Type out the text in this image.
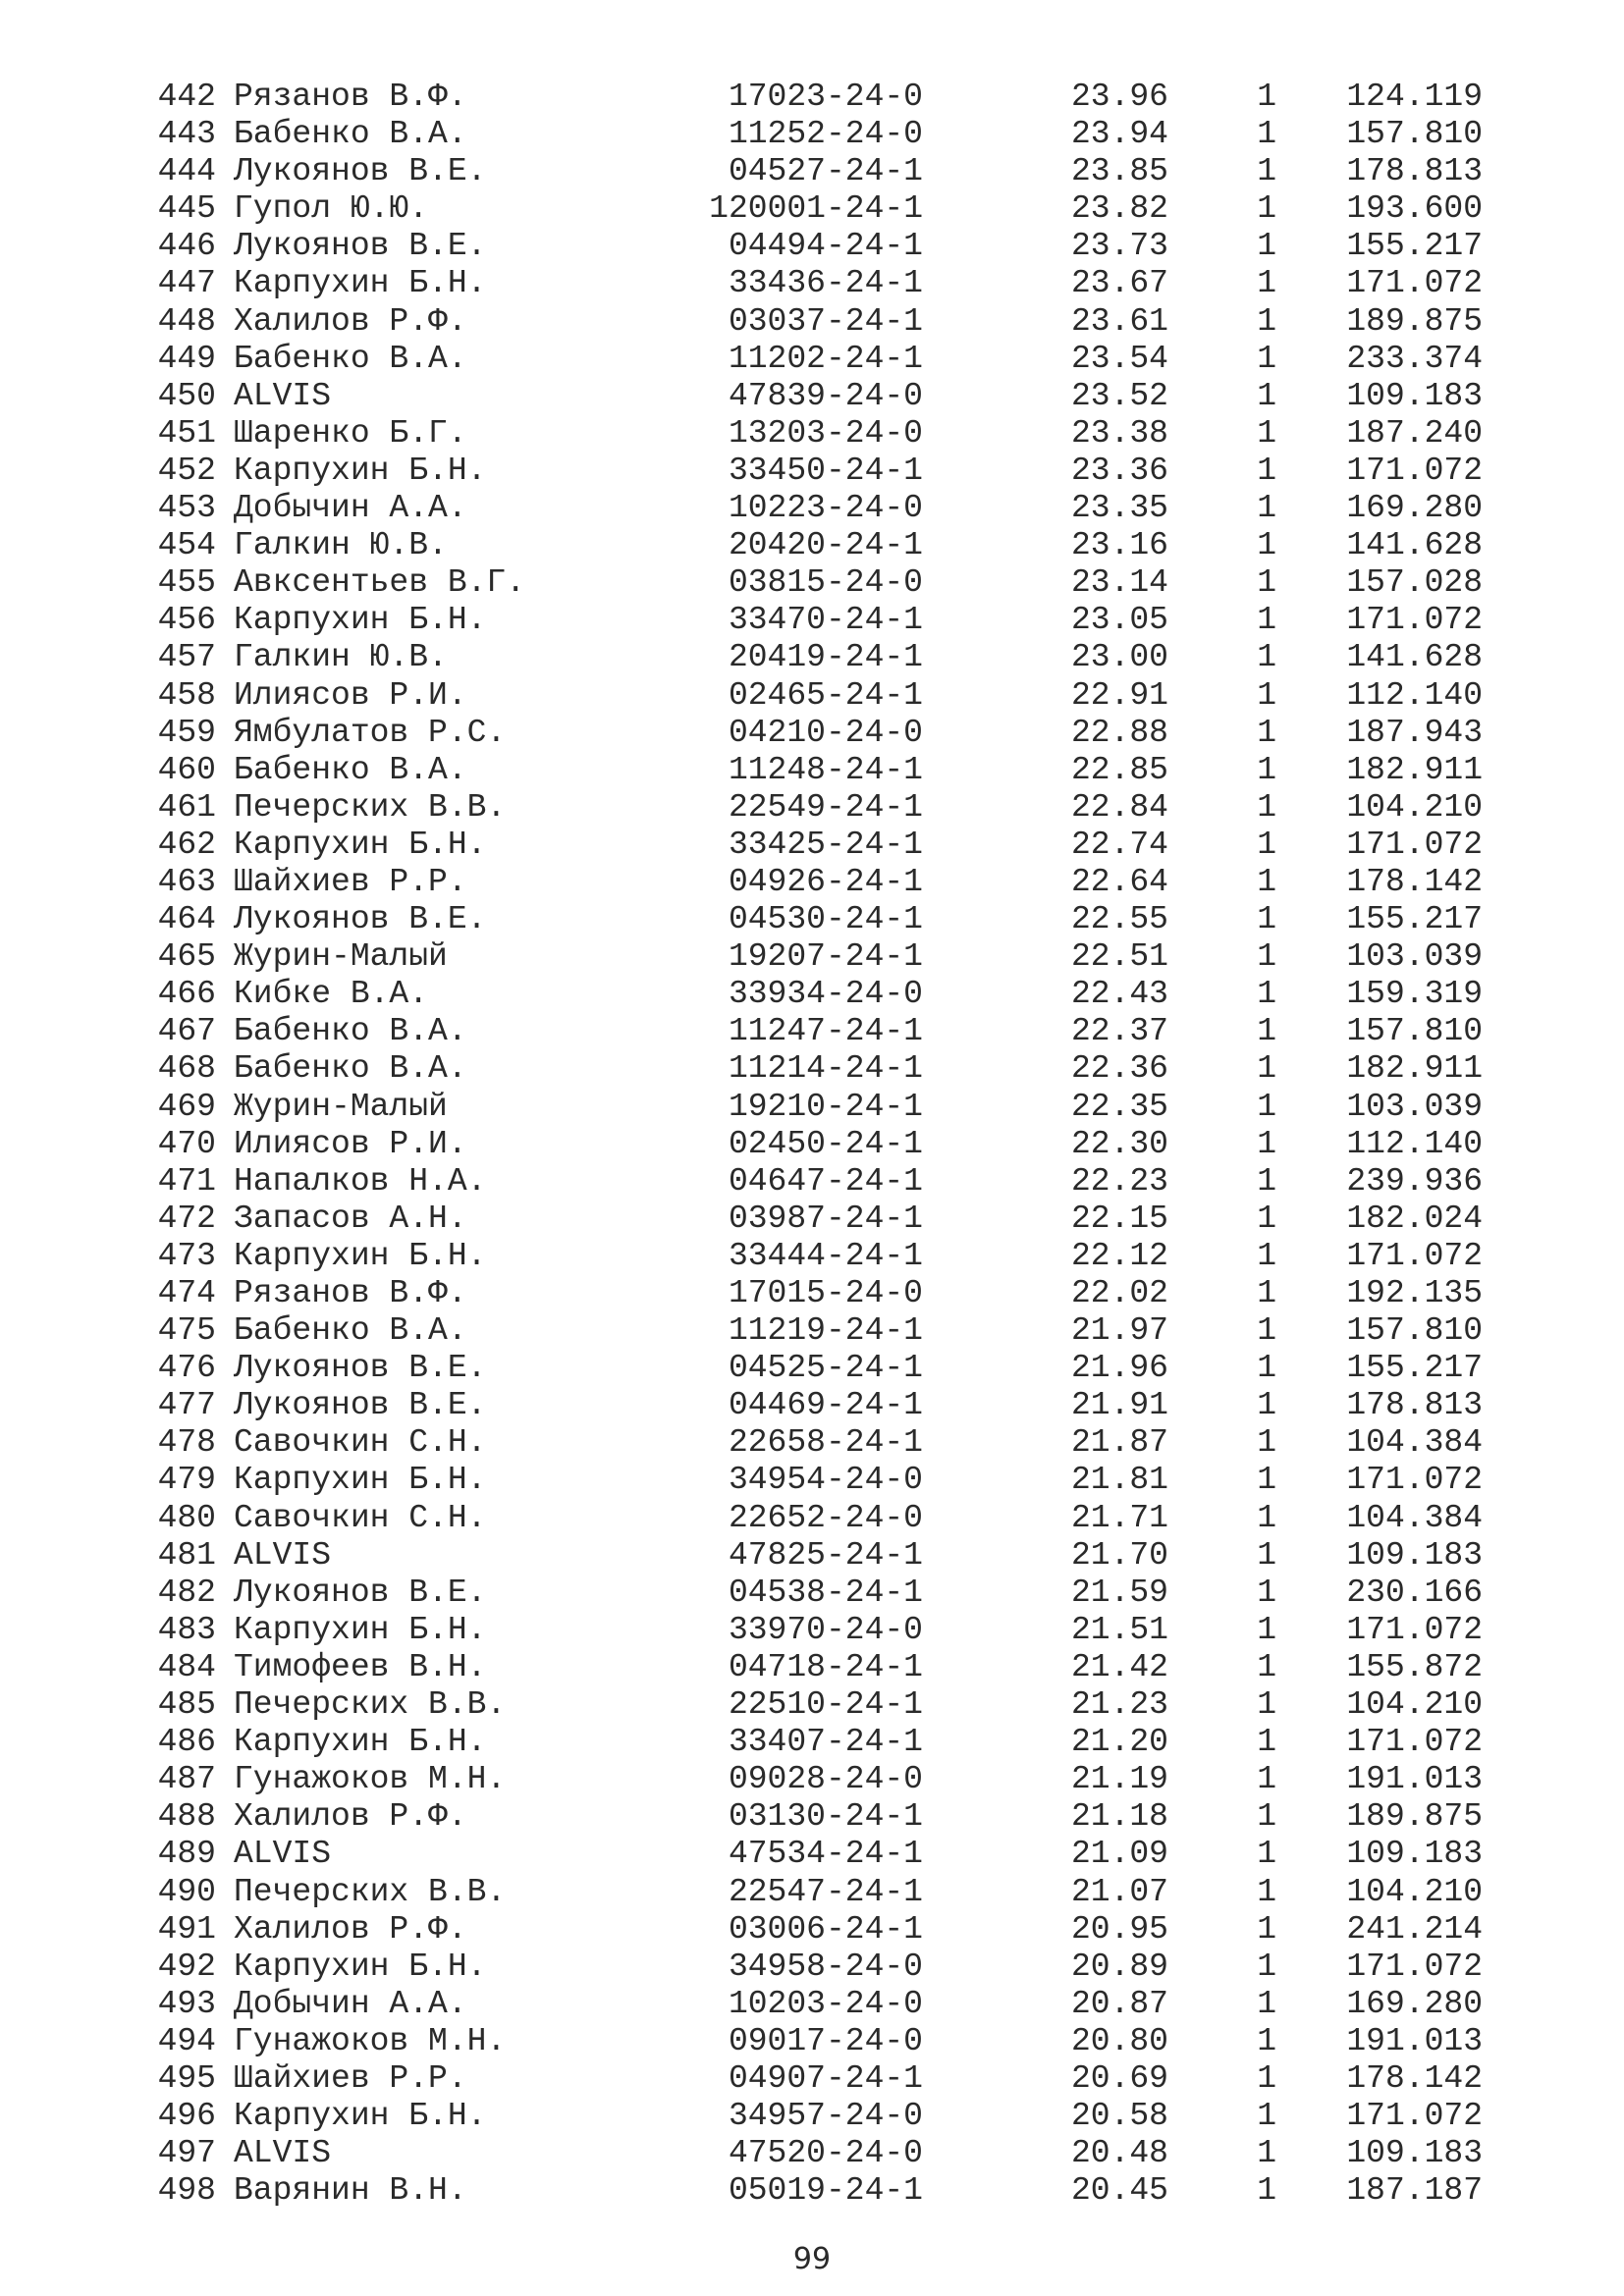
442 Рязанов В.Ф.	17023-24-0	23.96	1	124.119
443 Бабенко В.А.	11252-24-0	23.94	1	157.810
444 Лукоянов В.Е.	04527-24-1	23.85	1	178.813
445 Гупол Ю.Ю.	120001-24-1	23.82	1	193.600
446 Лукоянов В.Е.	04494-24-1	23.73	1	155.217
447 Карпухин Б.Н.	33436-24-1	23.67	1	171.072
448 Халилов Р.Ф.	03037-24-1	23.61	1	189.875
449 Бабенко В.А.	11202-24-1	23.54	1	233.374
450 ALVIS	47839-24-0	23.52	1	109.183
451 Шаренко Б.Г.	13203-24-0	23.38	1	187.240
452 Карпухин Б.Н.	33450-24-1	23.36	1	171.072
453 Добычин А.А.	10223-24-0	23.35	1	169.280
454 Галкин Ю.В.	20420-24-1	23.16	1	141.628
455 Авксентьев В.Г.	03815-24-0	23.14	1	157.028
456 Карпухин Б.Н.	33470-24-1	23.05	1	171.072
457 Галкин Ю.В.	20419-24-1	23.00	1	141.628
458 Илиясов Р.И.	02465-24-1	22.91	1	112.140
459 Ямбулатов Р.С.	04210-24-0	22.88	1	187.943
460 Бабенко В.А.	11248-24-1	22.85	1	182.911
461 Печерских В.В.	22549-24-1	22.84	1	104.210
462 Карпухин Б.Н.	33425-24-1	22.74	1	171.072
463 Шайхиев Р.Р.	04926-24-1	22.64	1	178.142
464 Лукоянов В.Е.	04530-24-1	22.55	1	155.217
465 Журин-Малый	19207-24-1	22.51	1	103.039
466 Кибке В.А.	33934-24-0	22.43	1	159.319
467 Бабенко В.А.	11247-24-1	22.37	1	157.810
468 Бабенко В.А.	11214-24-1	22.36	1	182.911
469 Журин-Малый	19210-24-1	22.35	1	103.039
470 Илиясов Р.И.	02450-24-1	22.30	1	112.140
471 Напалков Н.А.	04647-24-1	22.23	1	239.936
472 Запасов А.Н.	03987-24-1	22.15	1	182.024
473 Карпухин Б.Н.	33444-24-1	22.12	1	171.072
474 Рязанов В.Ф.	17015-24-0	22.02	1	192.135
475 Бабенко В.А.	11219-24-1	21.97	1	157.810
476 Лукоянов В.Е.	04525-24-1	21.96	1	155.217
477 Лукоянов В.Е.	04469-24-1	21.91	1	178.813
478 Савочкин С.Н.	22658-24-1	21.87	1	104.384
479 Карпухин Б.Н.	34954-24-0	21.81	1	171.072
480 Савочкин С.Н.	22652-24-0	21.71	1	104.384
481 ALVIS	47825-24-1	21.70	1	109.183
482 Лукоянов В.Е.	04538-24-1	21.59	1	230.166
483 Карпухин Б.Н.	33970-24-0	21.51	1	171.072
484 Тимофеев В.Н.	04718-24-1	21.42	1	155.872
485 Печерских В.В.	22510-24-1	21.23	1	104.210
486 Карпухин Б.Н.	33407-24-1	21.20	1	171.072
487 Гунажоков М.Н.	09028-24-0	21.19	1	191.013
488 Халилов Р.Ф.	03130-24-1	21.18	1	189.875
489 ALVIS	47534-24-1	21.09	1	109.183
490 Печерских В.В.	22547-24-1	21.07	1	104.210
491 Халилов Р.Ф.	03006-24-1	20.95	1	241.214
492 Карпухин Б.Н.	34958-24-0	20.89	1	171.072
493 Добычин А.А.	10203-24-0	20.87	1	169.280
494 Гунажоков М.Н.	09017-24-0	20.80	1	191.013
495 Шайхиев Р.Р.	04907-24-1	20.69	1	178.142
496 Карпухин Б.Н.	34957-24-0	20.58	1	171.072
497 ALVIS	47520-24-0	20.48	1	109.183
498 Варянин В.Н.	05019-24-1	20.45	1	187.187
99
